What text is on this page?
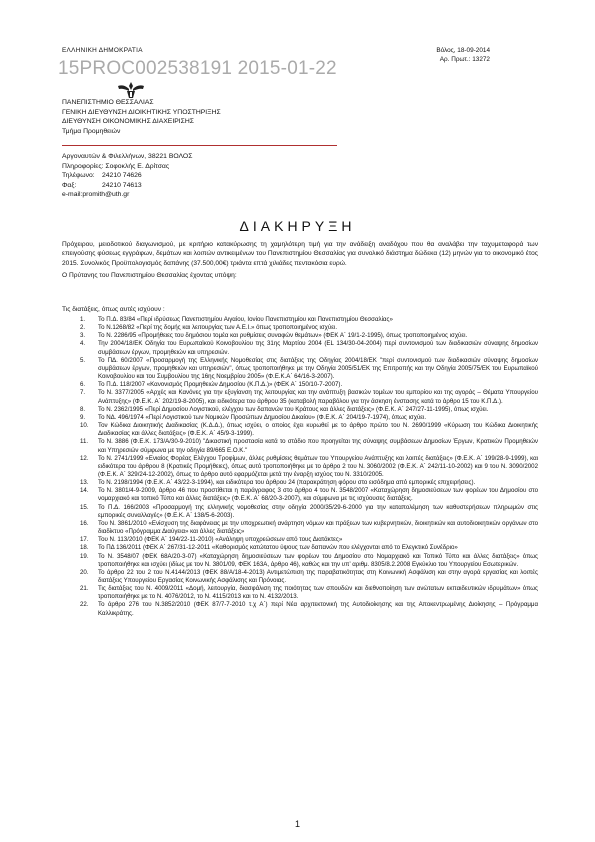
15PROC002538191 2015-01-22
ΕΛΛΗΝΙΚΗ ΔΗΜΟΚΡΑΤΙΑ	Βόλος, 18-09-2014
Αρ. Πρωτ.: 13272
ΠΑΝΕΠΙΣΤΗΜΙΟ ΘΕΣΣΑΛΙΑΣ
ΓΕΝΙΚΗ ΔΙΕΥΘΥΝΣΗ ΔΙΟΙΚΗΤΙΚΗΣ ΥΠΟΣΤΗΡΙΞΗΣ
ΔΙΕΥΘΥΝΣΗ ΟΙΚΟΝΟΜΙΚΗΣ ΔΙΑΧΕΙΡΙΣΗΣ
Τμήμα Προμηθειών
Αργοναυτών & Φιλελλήνων, 38221 ΒΟΛΟΣ
Πληροφορίες: Σοφοκλής Ε. Δρίτσας
Τηλέφωνο: 24210 74626
Φαξ:	24210 74613
e-mail:promith@uth.gr
ΔΙΑΚΗΡΥΞΗ

Πρόχειρου, μειοδοτικού διαγωνισμού, με κριτήριο κατακύρωσης τη χαμηλότερη τιμή για την ανάδειξη αναδόχου που θα αναλάβει την ταχυμεταφορά των επειγούσης φύσεως εγγράφων, δεμάτων και λοιπών αντικειμένων του Πανεπιστημίου Θεσσαλίας για συνολικό διάστημα δώδεκα (12) μηνών για το οικονομικό έτος 2015. Συνολικός Προϋπολογισμός δαπάνης (37.500,00€) τριάντα επτά χιλιάδες πεντακόσια ευρώ.

Ο Πρύτανης του Πανεπιστημίου Θεσσαλίας έχοντας υπόψη:

Τις διατάξεις, όπως αυτές ισχύουν :
1. Το Π.Δ. 83/84 «Περί ιδρύσεως Πανεπιστημίου Αιγαίου, Ιονίου Πανεπιστημίου και Πανεπιστημίου Θεσσαλίας»
2. Το Ν.1268/82 «Περί της δομής και λειτουργίας των Α.Ε.Ι.» όπως τροποποιημένος ισχύει.
3. Το Ν. 2286/95 «Προμήθειες του δημόσιου τομέα και ρυθμίσεις συναφών θεμάτων» (ΦΕΚ Α΄ 19/1-2-1995), όπως τροποποιημένος ισχύει.
4. Την 2004/18/ΕΚ Οδηγία του Ευρωπαϊκού Κοινοβουλίου της 31ης Μαρτίου 2004 (EL 134/30-04-2004) περί συντονισμού των διαδικασιών σύναψης δημοσίων συμβάσεων έργων, προμηθειών και υπηρεσιών.
5. Το ΠΔ. 60/2007 «Προσαρμογή της Ελληνικής Νομοθεσίας στις διατάξεις της Οδηγίας 2004/18/ΕΚ "περί συντονισμού των διαδικασιών σύναψης δημοσίων συμβάσεων έργων, προμηθειών και υπηρεσιών", όπως τροποποιήθηκε με την Οδηγία 2005/51/ΕΚ της Επιτροπής και την Οδηγία 2005/75/ΕΚ του Ευρωπαϊκού Κοινοβουλίου και του Συμβουλίου της 16ης Νοεμβρίου 2005» (Φ.Ε.Κ.Α΄ 64/16-3-2007).
6. Το Π.Δ. 118/2007 «Κανονισμός Προμηθειών Δημοσίου (Κ.Π.Δ.)» (ΦΕΚ Α΄ 150/10-7-2007).
7. Το Ν. 3377/2005 «Αρχές και Κανόνες για την εξυγίανση της λειτουργίας και την ανάπτυξη βασικών τομέων του εμπορίου και της αγοράς – Θέματα Υπουργείου Ανάπτυξης» (Φ.Ε.Κ. Α΄ 202/19-8-2005), και ειδικότερα του άρθρου 35 (καταβολή παραβόλου για την άσκηση ένστασης κατά το άρθρο 15 του Κ.Π.Δ.).
8. Το Ν. 2362/1995 «Περί Δημοσίου Λογιστικού, ελέγχου των δαπανών του Κράτους και άλλες διατάξεις» (Φ.Ε.Κ. Α΄ 247/27-11-1995), όπως ισχύει.
9. Το ΝΔ. 496/1974 «Περί Λογιστικού των Νομικών Προσώπων Δημοσίου Δικαίου» (Φ.Ε.Κ. Α΄ 204/19-7-1974), όπως ισχύει.
10. Τον Κώδικα Διοικητικής Διαδικασίας (Κ.Δ.Δ.), όπως ισχύει, ο οποίος έχει κυρωθεί με το άρθρο πρώτο του Ν. 2690/1999 «Κύρωση του Κώδικα Διοικητικής Διαδικασίας και άλλες διατάξεις» (Φ.Ε.Κ. Α΄ 45/9-3-1999).
11. Το Ν. 3886 (Φ.Ε.Κ. 173/Α/30-9-2010) "Δικαστική προστασία κατά το στάδιο που προηγείται της σύναψης συμβάσεων Δημοσίων Έργων, Κρατικών Προμηθειών και Υπηρεσιών σύμφωνα με την οδηγία 89/665 Ε.Ο.Κ."
12. Το Ν. 2741/1999 «Ενιαίος Φορέας Ελέγχου Τροφίμων, άλλες ρυθμίσεις θεμάτων του Υπουργείου Ανάπτυξης και λοιπές διατάξεις» (Φ.Ε.Κ. Α΄ 199/28-9-1999), και ειδικότερα του άρθρου 8 (Κρατικές Προμήθειες), όπως αυτό τροποποιήθηκε με το άρθρο 2 του Ν. 3060/2002 (Φ.Ε.Κ. Α΄ 242/11-10-2002) και 9 του Ν. 3090/2002 (Φ.Ε.Κ. Α΄ 329/24-12-2002), όπως το άρθρο αυτό εφαρμόζεται μετά την έναρξη ισχύος του Ν. 3310/2005.
13. Το Ν. 2198/1994 (Φ.Ε.Κ. Α΄ 43/22-3-1994), και ειδικότερα του άρθρου 24 (παρακράτηση φόρου στο εισόδημα από εμπορικές επιχειρήσεις).
14. Το Ν. 3801/4-9-2009, άρθρο 46 που προστίθεται η παράγραφος 3 στο άρθρο 4 του Ν. 3548/2007 «Καταχώρηση δημοσιεύσεων των φορέων του Δημοσίου στο νομαρχιακό και τοπικό Τύπο και άλλες διατάξεις» (Φ.Ε.Κ. Α΄ 68/20-3-2007), και σύμφωνα με τις ισχύουσες διατάξεις.
15. Το Π.Δ. 166/2003 «Προσαρμογή της ελληνικής νομοθεσίας στην οδηγία 2000/35/29-6-2000 για την καταπολέμηση των καθυστερήσεων πληρωμών στις εμπορικές συναλλαγές» (Φ.Ε.Κ. Α΄ 138/5-6-2003).
16. Του Ν. 3861/2010 «Ενίσχυση της διαφάνειας με την υποχρεωτική ανάρτηση νόμων και πράξεων των κυβερνητικών, διοικητικών και αυτοδιοικητικών οργάνων στο διαδίκτυο «Πρόγραμμα Διαύγεια» και άλλες διατάξεις»
17. Του Ν. 113/2010 (ΦΕΚ Α΄ 194/22-11-2010) «Ανάληψη υποχρεώσεων από τους Διατάκτες»
18. Το ΠΔ 136/2011 (ΦΕΚ Α΄ 267/31-12-2011 «Καθορισμός κατώτατου ύψους των δαπανών που ελέγχονται από το Ελεγκτικό Συνέδριο»
19. Το Ν. 3548/07 (ΦΕΚ 68Α/20-3-07) «Καταχώρηση δημοσιεύσεων των φορέων του Δημοσίου στο Νομαρχιακό και Τοπικό Τύπο και άλλες διατάξεις» όπως τροποποιήθηκε και ισχύει (ιδίως με τον Ν. 3801/09, ΦΕΚ 163Α, άρθρο 46), καθώς και την υπ’ αριθμ. 8305/8.2.2008 Εγκύκλιο του Υπουργείου Εσωτερικών.
20. Το άρθρο 22 του 2 του Ν.4144/2013 (ΦΕΚ 88/Α/18-4-2013) Αντιμετώπιση της παραβατικότητας στη Κοινωνική Ασφάλιση και στην αγορά εργασίας και λοιπές διατάξεις Υπουργείου Εργασίας Κοινωνικής Ασφάλισης και Πρόνοιας.
21. Τις διατάξεις του Ν. 4009/2011 «Δομή, λειτουργία, διασφάλιση της ποιότητας των σπουδών και διεθνοποίηση των ανώτατων εκπαιδευτικών ιδρυμάτων» όπως τροποποιήθηκε με το Ν. 4076/2012, το Ν. 4115/2013 και το Ν. 4132/2013.
22. Το άρθρο 276 του Ν.3852/2010 (ΦΕΚ 87/7-7-2010 τ.χ Α΄) περί Νέα αρχιτεκτονική της Αυτοδιοίκησης και της Αποκεντρωμένης Διοίκησης – Πρόγραμμα Καλλικράτης.
1
